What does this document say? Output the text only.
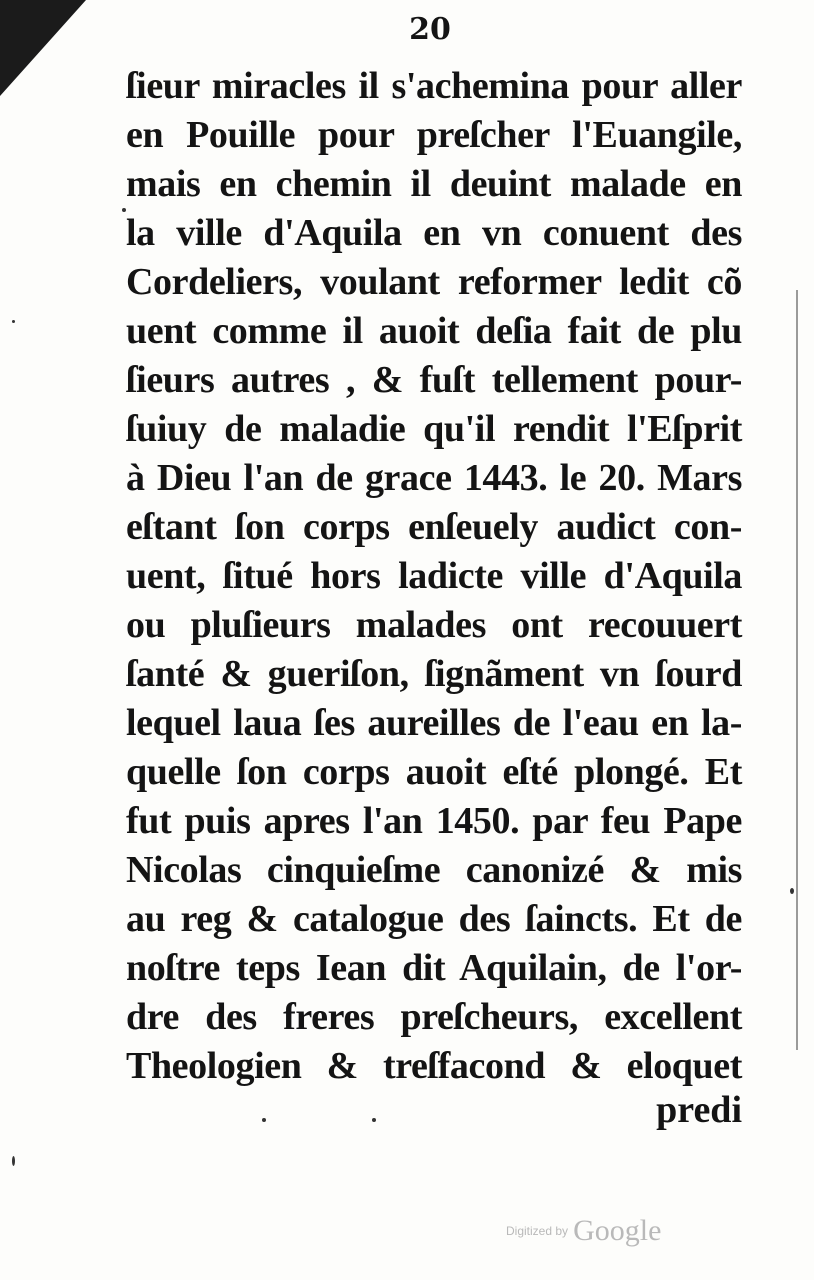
20
ſieur miracles il s'achemina pour aller
en Pouille pour preſcher l'Euangile,
mais en chemin il deuint malade en
la ville d'Aquila en vn conuent des
Cordeliers, voulant reformer ledit cõ
uent comme il auoit deſia fait de plu
ſieurs autres , & fuſt tellement pour-
ſuiuy de maladie qu'il rendit l'Eſprit
à Dieu l'an de grace 1443. le 20. Mars
eſtant ſon corps enſeuely audict con-
uent, ſitué hors ladicte ville d'Aquila
ou pluſieurs malades ont recouuert
ſanté & gueriſon, ſignãment vn ſourd
lequel laua ſes aureilles de l'eau en la-
quelle ſon corps auoit eſté plongé. Et
fut puis apres l'an 1450. par feu Pape
Nicolas cinquieſme canonizé & mis
au reg & catalogue des ſaincts. Et de
noſtre teps Iean dit Aquilain, de l'or-
dre des freres preſcheurs, excellent
Theologien & treſfacond & eloquet
predi
Digitized by Google
